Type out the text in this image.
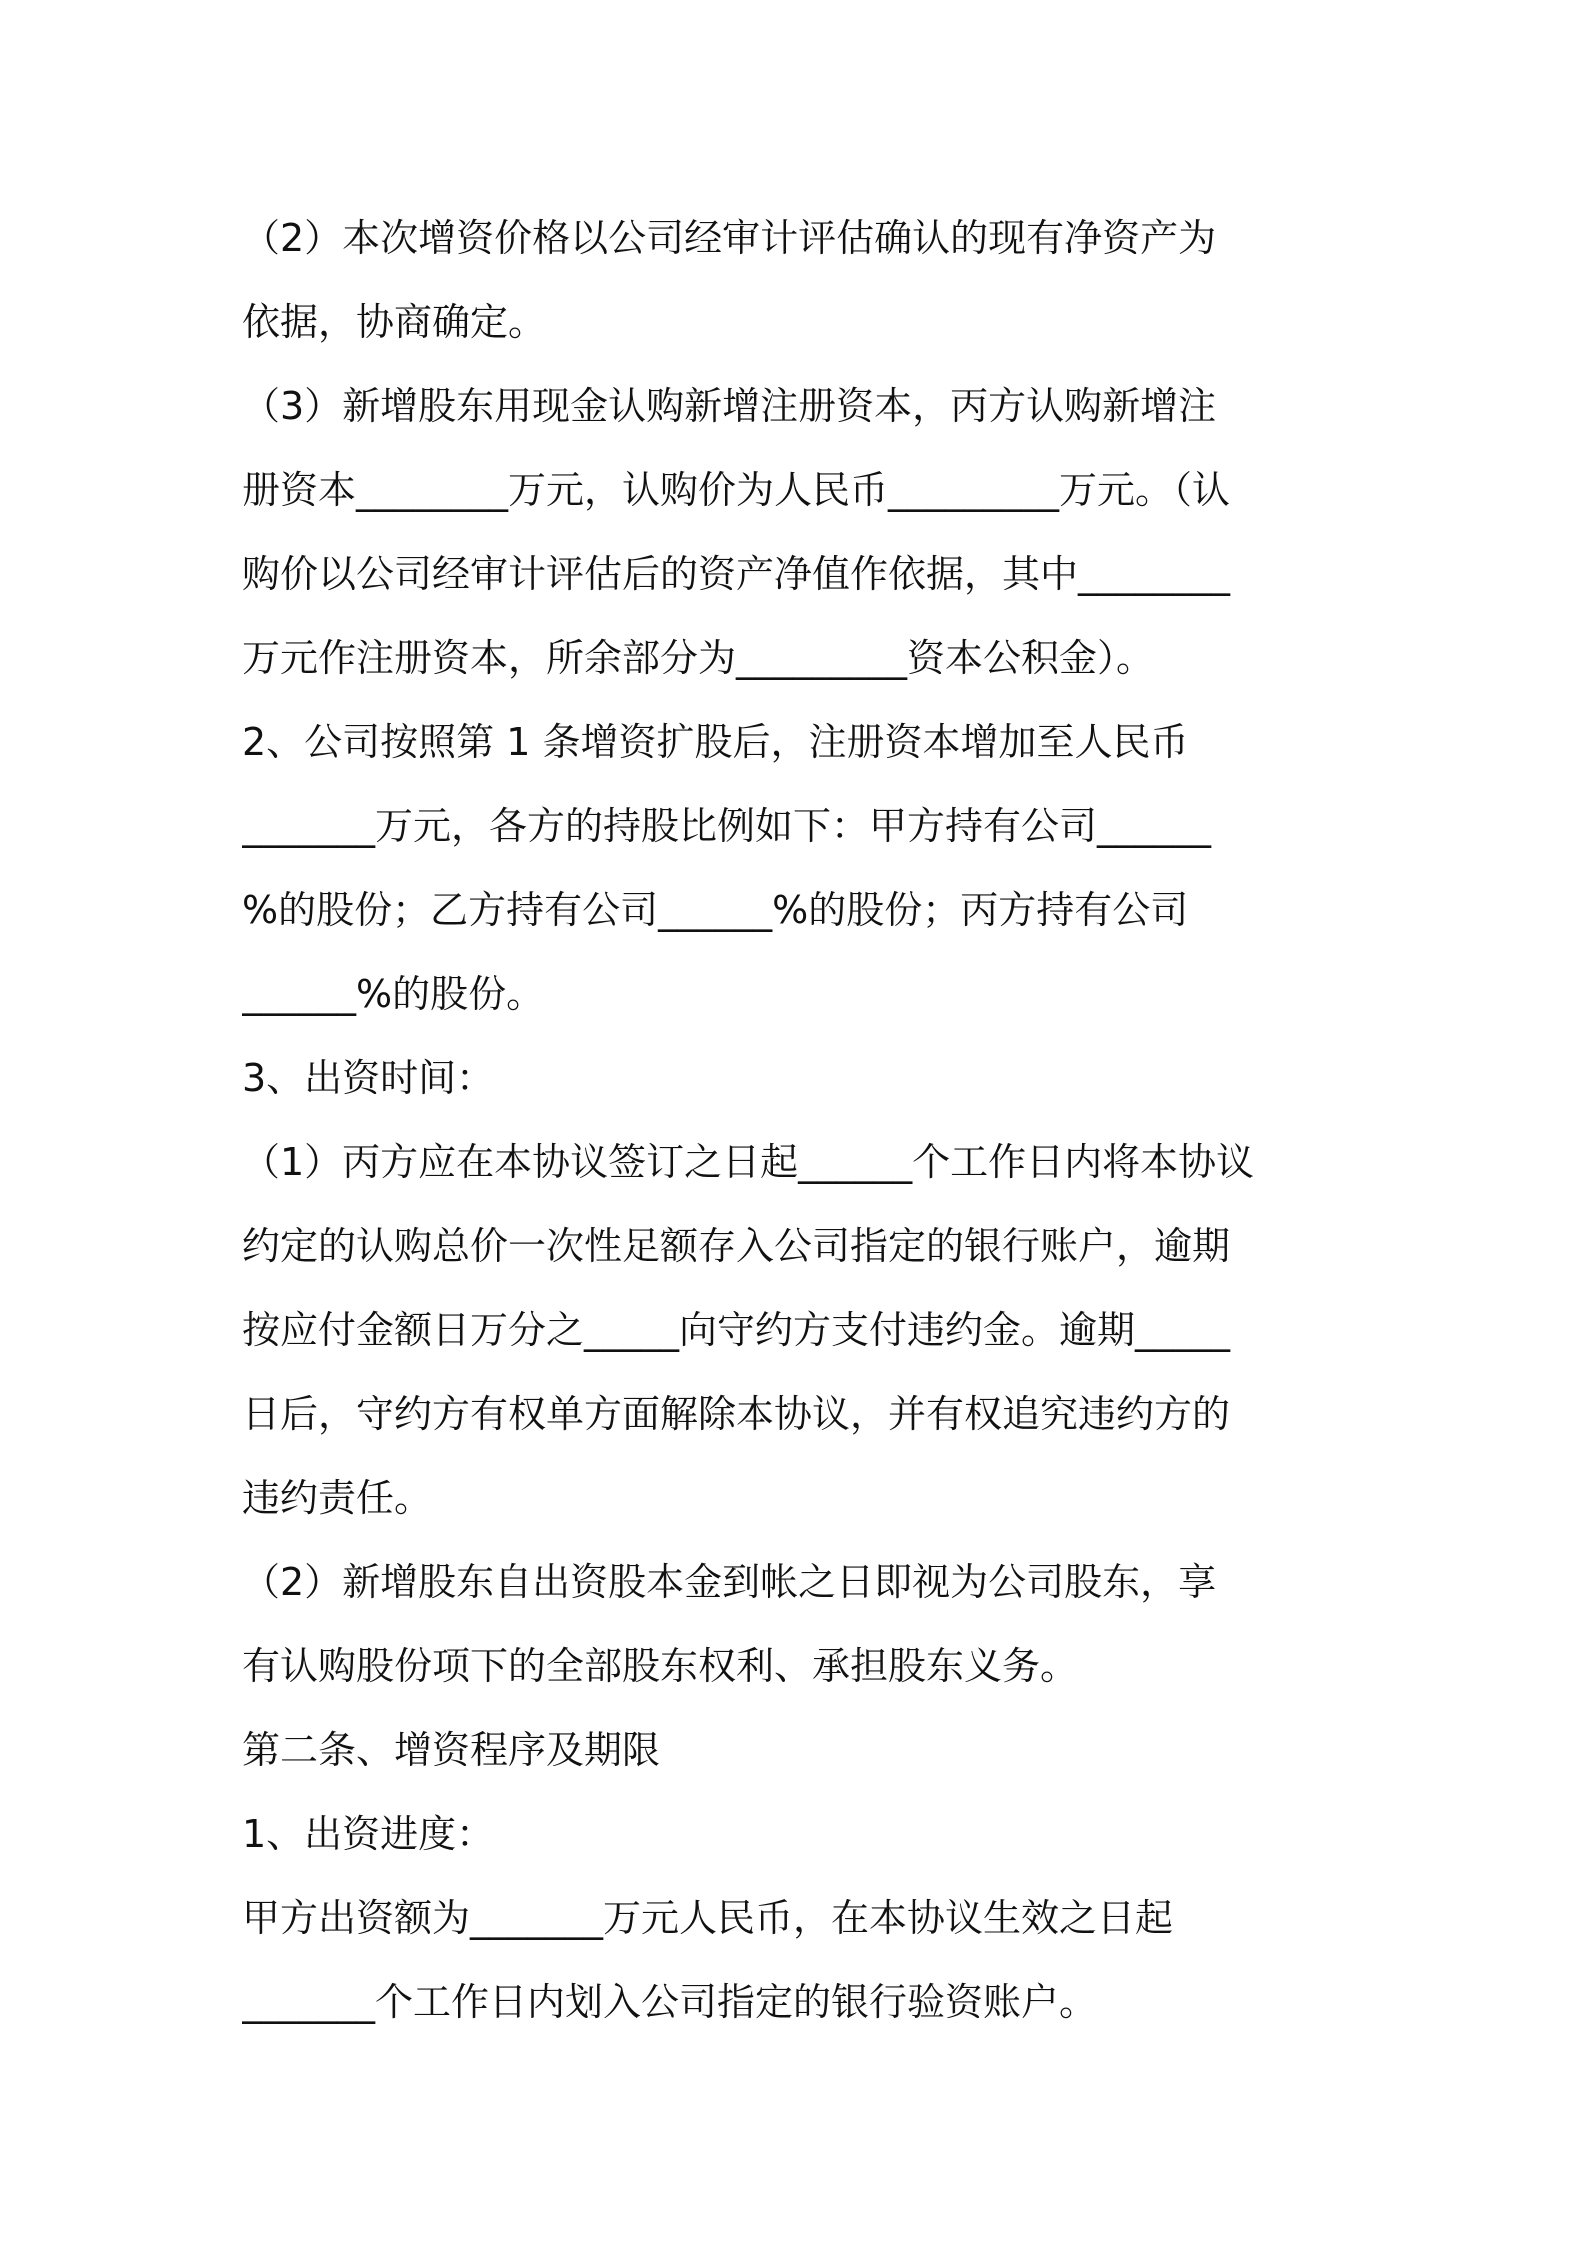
（2）本次增资价格以公司经审计评估确认的现有净资产为
依据，协商确定。
（3）新增股东用现金认购新增注册资本，丙方认购新增注
册资本________万元，认购价为人民币_________万元。（认
购价以公司经审计评估后的资产净值作依据，其中________
万元作注册资本，所余部分为_________资本公积金）。
2、公司按照第 1 条增资扩股后，注册资本增加至人民币
_______万元，各方的持股比例如下：甲方持有公司______
%的股份；乙方持有公司______%的股份；丙方持有公司
______%的股份。
3、出资时间：
（1）丙方应在本协议签订之日起______个工作日内将本协议
约定的认购总价一次性足额存入公司指定的银行账户，逾期
按应付金额日万分之_____向守约方支付违约金。逾期_____
日后，守约方有权单方面解除本协议，并有权追究违约方的
违约责任。
（2）新增股东自出资股本金到帐之日即视为公司股东，享
有认购股份项下的全部股东权利、承担股东义务。
第二条、增资程序及期限
1、出资进度：
甲方出资额为_______万元人民币，在本协议生效之日起
_______个工作日内划入公司指定的银行验资账户。
